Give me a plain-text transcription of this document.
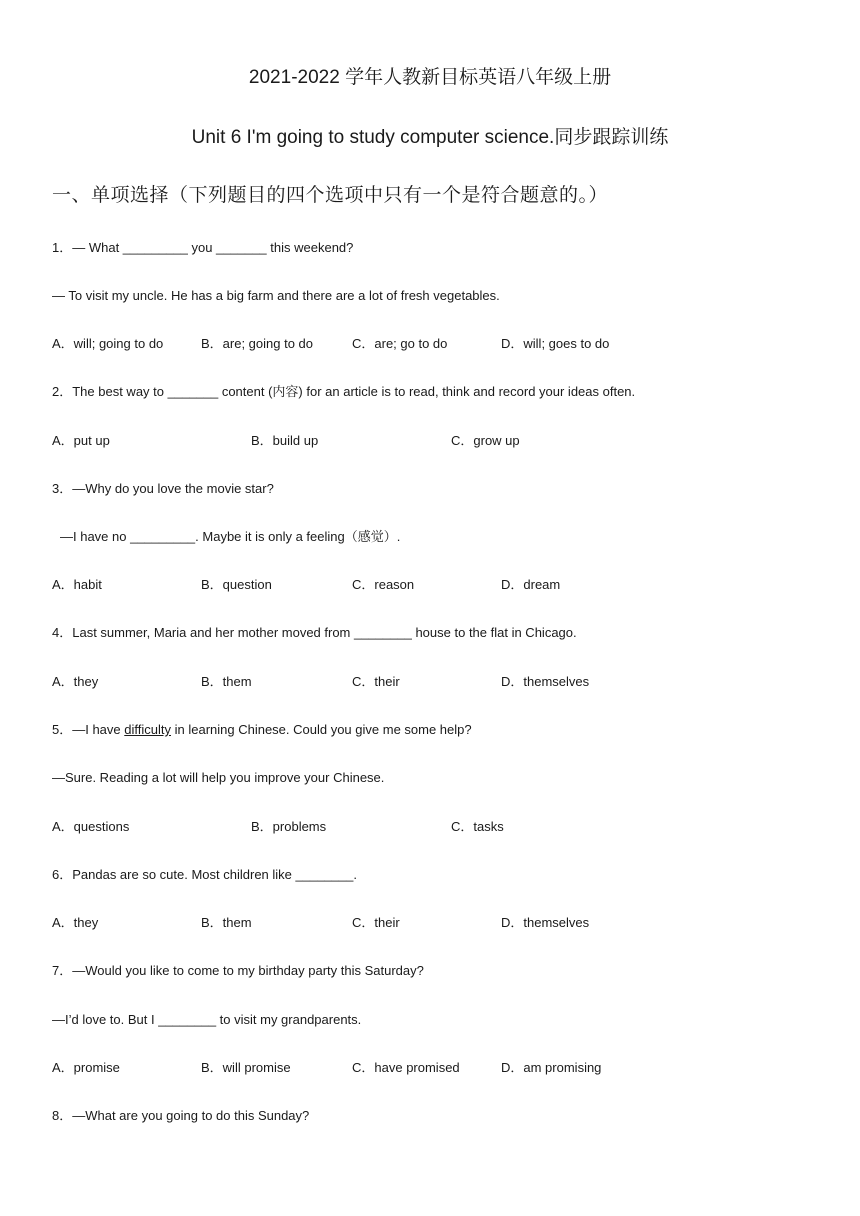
2021-2022 学年人教新目标英语八年级上册
Unit 6 I'm going to study computer science.同步跟踪训练
一、单项选择（下列题目的四个选项中只有一个是符合题意的。）
1．— What _________ you _______ this weekend?
— To visit my uncle. He has a big farm and there are a lot of fresh vegetables.
A．will; going to do	B．are; going to do	C．are; go to do	D．will; goes to do
2．The best way to _______ content (内容) for an article is to read, think and record your ideas often.
A．put up	B．build up	C．grow up
3．—Why do you love the movie star?
—I have no _________. Maybe it is only a feeling（感觉）.
A．habit	B．question	C．reason	D．dream
4．Last summer, Maria and her mother moved from ________ house to the flat in Chicago.
A．they	B．them	C．their	D．themselves
5．—I have difficulty in learning Chinese. Could you give me some help?
—Sure. Reading a lot will help you improve your Chinese.
A．questions	B．problems	C．tasks
6．Pandas are so cute. Most children like ________.
A．they	B．them	C．their	D．themselves
7．—Would you like to come to my birthday party this Saturday?
—I’d love to. But I ________ to visit my grandparents.
A．promise	B．will promise	C．have promised	D．am promising
8．—What are you going to do this Sunday?
